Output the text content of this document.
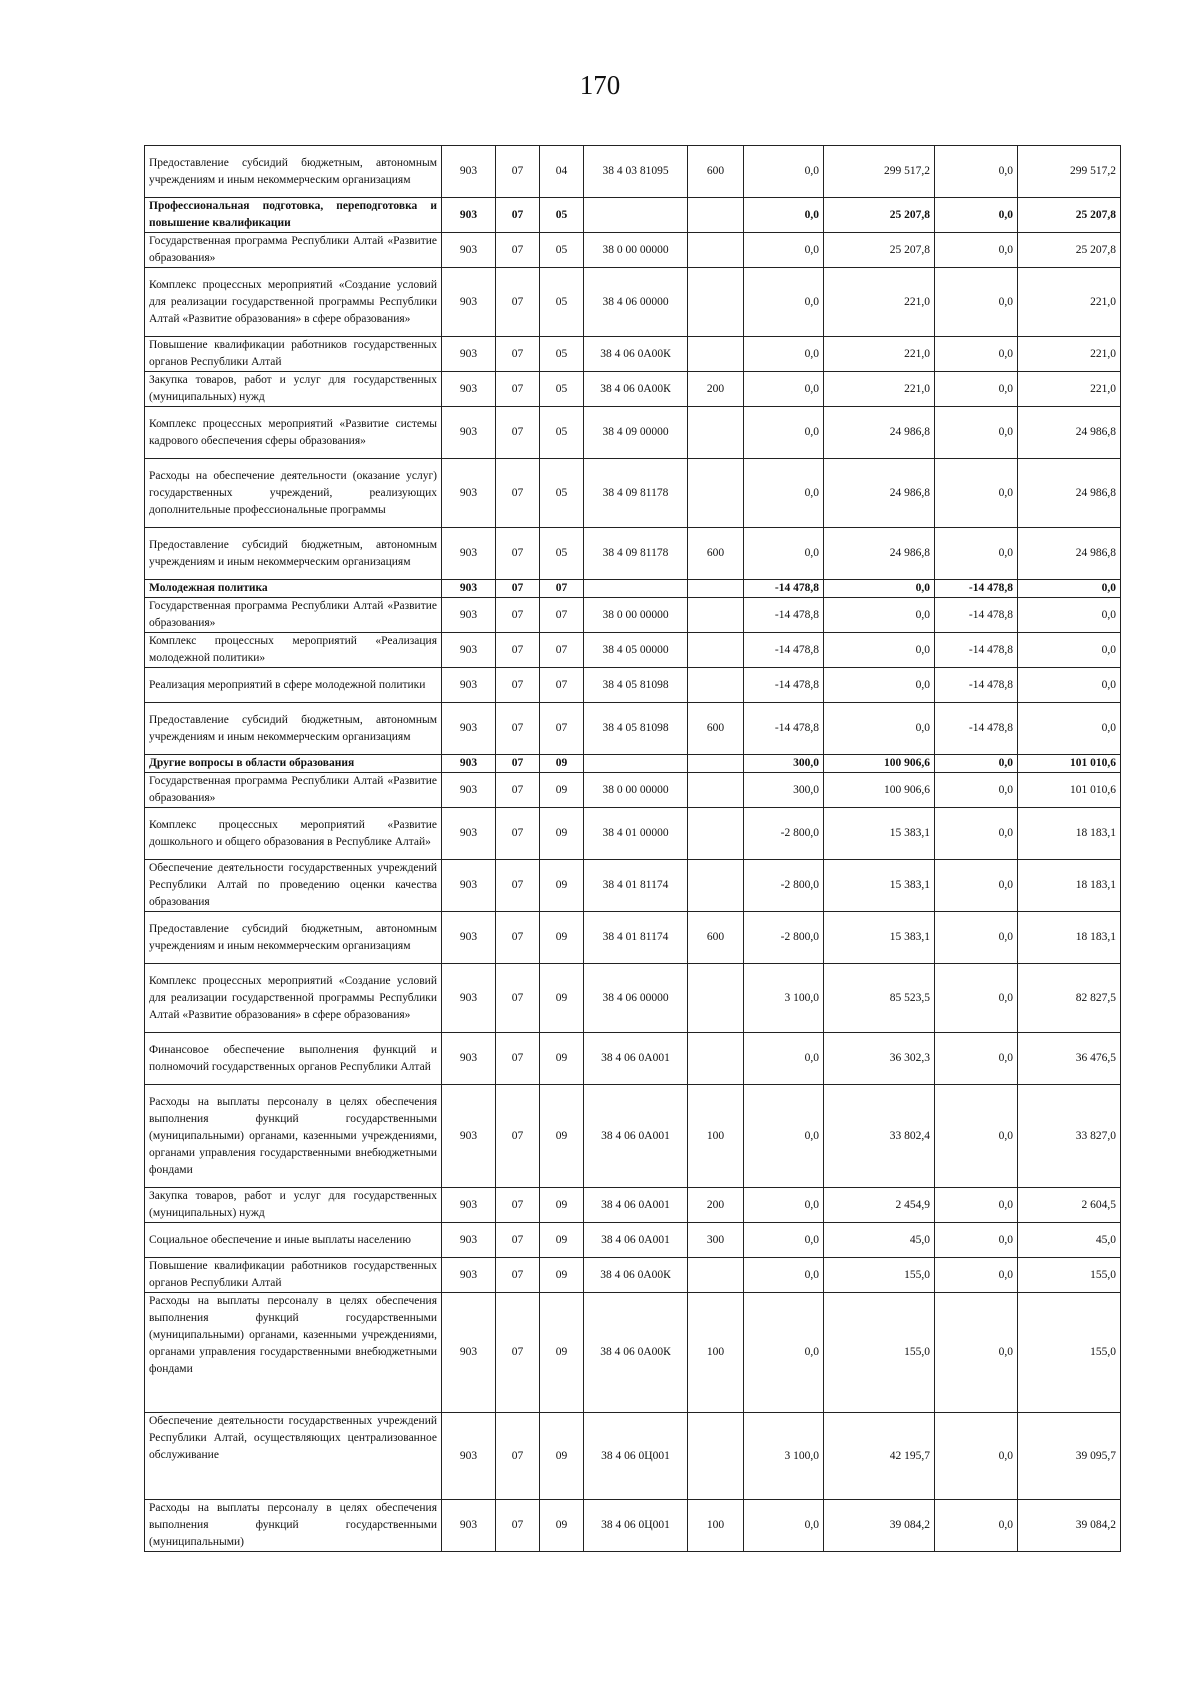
170
Предоставление субсидий бюджетным, автономным учреждениям и иным некоммерческим организациям	903	07	04	38 4 03 81095	600	0,0	299 517,2	0,0	299 517,2
Профессиональная подготовка, переподготовка и повышение квалификации	903	07	05			0,0	25 207,8	0,0	25 207,8
Государственная программа Республики Алтай «Развитие образования»	903	07	05	38 0 00 00000		0,0	25 207,8	0,0	25 207,8
Комплекс процессных мероприятий «Создание условий для реализации государственной программы Республики Алтай «Развитие образования» в сфере образования»	903	07	05	38 4 06 00000		0,0	221,0	0,0	221,0
Повышение квалификации работников государственных органов Республики Алтай	903	07	05	38 4 06 0А00К		0,0	221,0	0,0	221,0
Закупка товаров, работ и услуг для государственных (муниципальных) нужд	903	07	05	38 4 06 0А00К	200	0,0	221,0	0,0	221,0
Комплекс процессных мероприятий «Развитие системы кадрового обеспечения сферы образования»	903	07	05	38 4 09 00000		0,0	24 986,8	0,0	24 986,8
Расходы на обеспечение деятельности (оказание услуг) государственных учреждений, реализующих дополнительные профессиональные программы	903	07	05	38 4 09 81178		0,0	24 986,8	0,0	24 986,8
Предоставление субсидий бюджетным, автономным учреждениям и иным некоммерческим организациям	903	07	05	38 4 09 81178	600	0,0	24 986,8	0,0	24 986,8
Молодежная политика	903	07	07			-14 478,8	0,0	-14 478,8	0,0
Государственная программа Республики Алтай «Развитие образования»	903	07	07	38 0 00 00000		-14 478,8	0,0	-14 478,8	0,0
Комплекс процессных мероприятий «Реализация молодежной политики»	903	07	07	38 4 05 00000		-14 478,8	0,0	-14 478,8	0,0
Реализация мероприятий в сфере молодежной политики	903	07	07	38 4 05 81098		-14 478,8	0,0	-14 478,8	0,0
Предоставление субсидий бюджетным, автономным учреждениям и иным некоммерческим организациям	903	07	07	38 4 05 81098	600	-14 478,8	0,0	-14 478,8	0,0
Другие вопросы в области образования	903	07	09			300,0	100 906,6	0,0	101 010,6
Государственная программа Республики Алтай «Развитие образования»	903	07	09	38 0 00 00000		300,0	100 906,6	0,0	101 010,6
Комплекс процессных мероприятий «Развитие дошкольного и общего образования в Республике Алтай»	903	07	09	38 4 01 00000		-2 800,0	15 383,1	0,0	18 183,1
Обеспечение деятельности государственных учреждений Республики Алтай по проведению оценки качества образования	903	07	09	38 4 01 81174		-2 800,0	15 383,1	0,0	18 183,1
Предоставление субсидий бюджетным, автономным учреждениям и иным некоммерческим организациям	903	07	09	38 4 01 81174	600	-2 800,0	15 383,1	0,0	18 183,1
Комплекс процессных мероприятий «Создание условий для реализации государственной программы Республики Алтай «Развитие образования» в сфере образования»	903	07	09	38 4 06 00000		3 100,0	85 523,5	0,0	82 827,5
Финансовое обеспечение выполнения функций и полномочий государственных органов Республики Алтай	903	07	09	38 4 06 0А001		0,0	36 302,3	0,0	36 476,5
Расходы на выплаты персоналу в целях обеспечения выполнения функций государственными (муниципальными) органами, казенными учреждениями, органами управления государственными внебюджетными фондами	903	07	09	38 4 06 0А001	100	0,0	33 802,4	0,0	33 827,0
Закупка товаров, работ и услуг для государственных (муниципальных) нужд	903	07	09	38 4 06 0А001	200	0,0	2 454,9	0,0	2 604,5
Социальное обеспечение и иные выплаты населению	903	07	09	38 4 06 0А001	300	0,0	45,0	0,0	45,0
Повышение квалификации работников государственных органов Республики Алтай	903	07	09	38 4 06 0А00К		0,0	155,0	0,0	155,0
Расходы на выплаты персоналу в целях обеспечения выполнения функций государственными (муниципальными) органами, казенными учреждениями, органами управления государственными внебюджетными фондами	903	07	09	38 4 06 0А00К	100	0,0	155,0	0,0	155,0
Обеспечение деятельности государственных учреждений Республики Алтай, осуществляющих централизованное обслуживание	903	07	09	38 4 06 0Ц001		3 100,0	42 195,7	0,0	39 095,7
Расходы на выплаты персоналу в целях обеспечения выполнения функций государственными (муниципальными)	903	07	09	38 4 06 0Ц001	100	0,0	39 084,2	0,0	39 084,2
